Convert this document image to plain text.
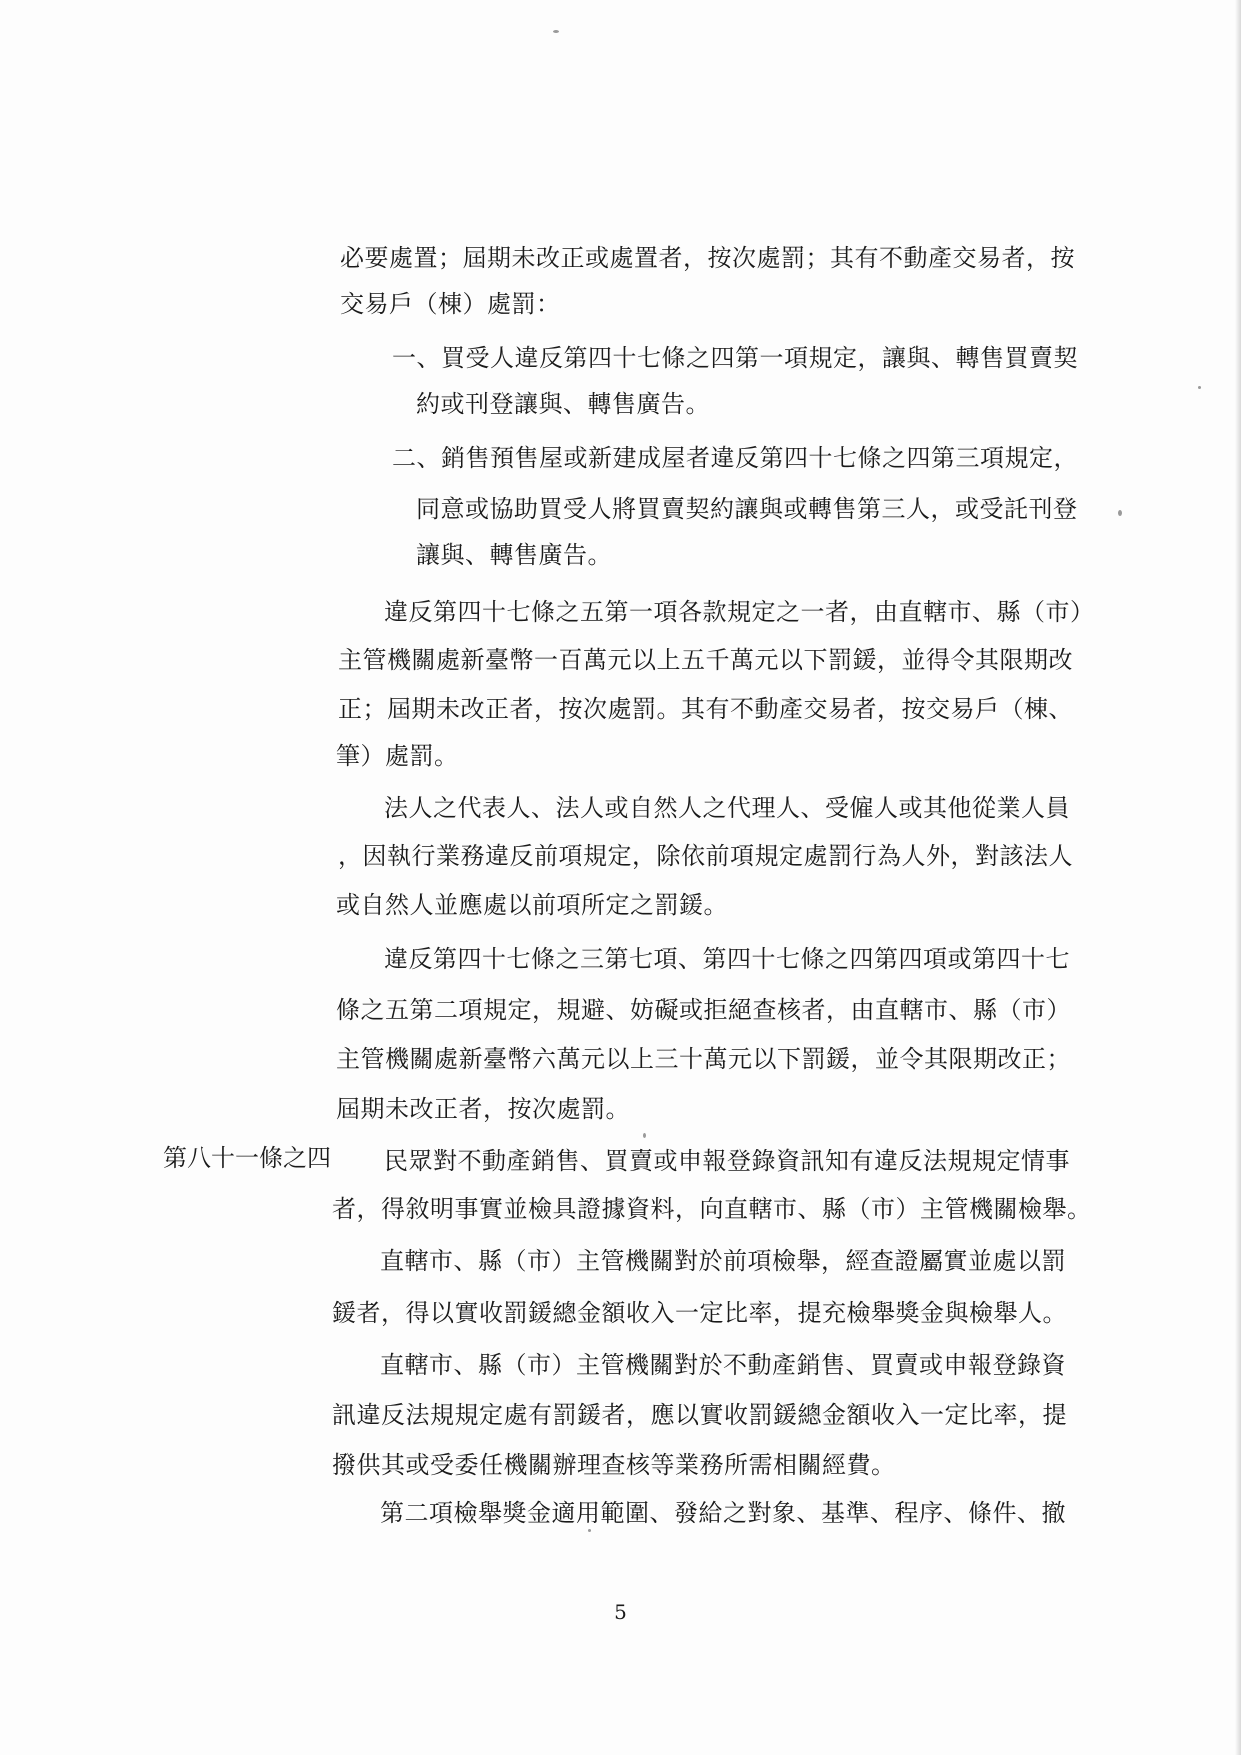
必要處置；屆期未改正或處置者，按次處罰；其有不動產交易者，按
交易戶（棟）處罰：
一、買受人違反第四十七條之四第一項規定，讓與、轉售買賣契
約或刊登讓與、轉售廣告。
二、銷售預售屋或新建成屋者違反第四十七條之四第三項規定，
同意或協助買受人將買賣契約讓與或轉售第三人，或受託刊登
讓與、轉售廣告。
違反第四十七條之五第一項各款規定之一者，由直轄市、縣（市）
主管機關處新臺幣一百萬元以上五千萬元以下罰鍰，並得令其限期改
正；屆期未改正者，按次處罰。其有不動產交易者，按交易戶（棟、
筆）處罰。
法人之代表人、法人或自然人之代理人、受僱人或其他從業人員
，因執行業務違反前項規定，除依前項規定處罰行為人外，對該法人
或自然人並應處以前項所定之罰鍰。
違反第四十七條之三第七項、第四十七條之四第四項或第四十七
條之五第二項規定，規避、妨礙或拒絕查核者，由直轄市、縣（市）
主管機關處新臺幣六萬元以上三十萬元以下罰鍰，並令其限期改正；
屆期未改正者，按次處罰。
第八十一條之四 民眾對不動產銷售、買賣或申報登錄資訊知有違反法規規定情事
者，得敘明事實並檢具證據資料，向直轄市、縣（市）主管機關檢舉。
直轄市、縣（市）主管機關對於前項檢舉，經查證屬實並處以罰
鍰者，得以實收罰鍰總金額收入一定比率，提充檢舉獎金與檢舉人。
直轄市、縣（市）主管機關對於不動產銷售、買賣或申報登錄資
訊違反法規規定處有罰鍰者，應以實收罰鍰總金額收入一定比率，提
撥供其或受委任機關辦理查核等業務所需相關經費。
第二項檢舉獎金適用範圍、發給之對象、基準、程序、條件、撤
5
